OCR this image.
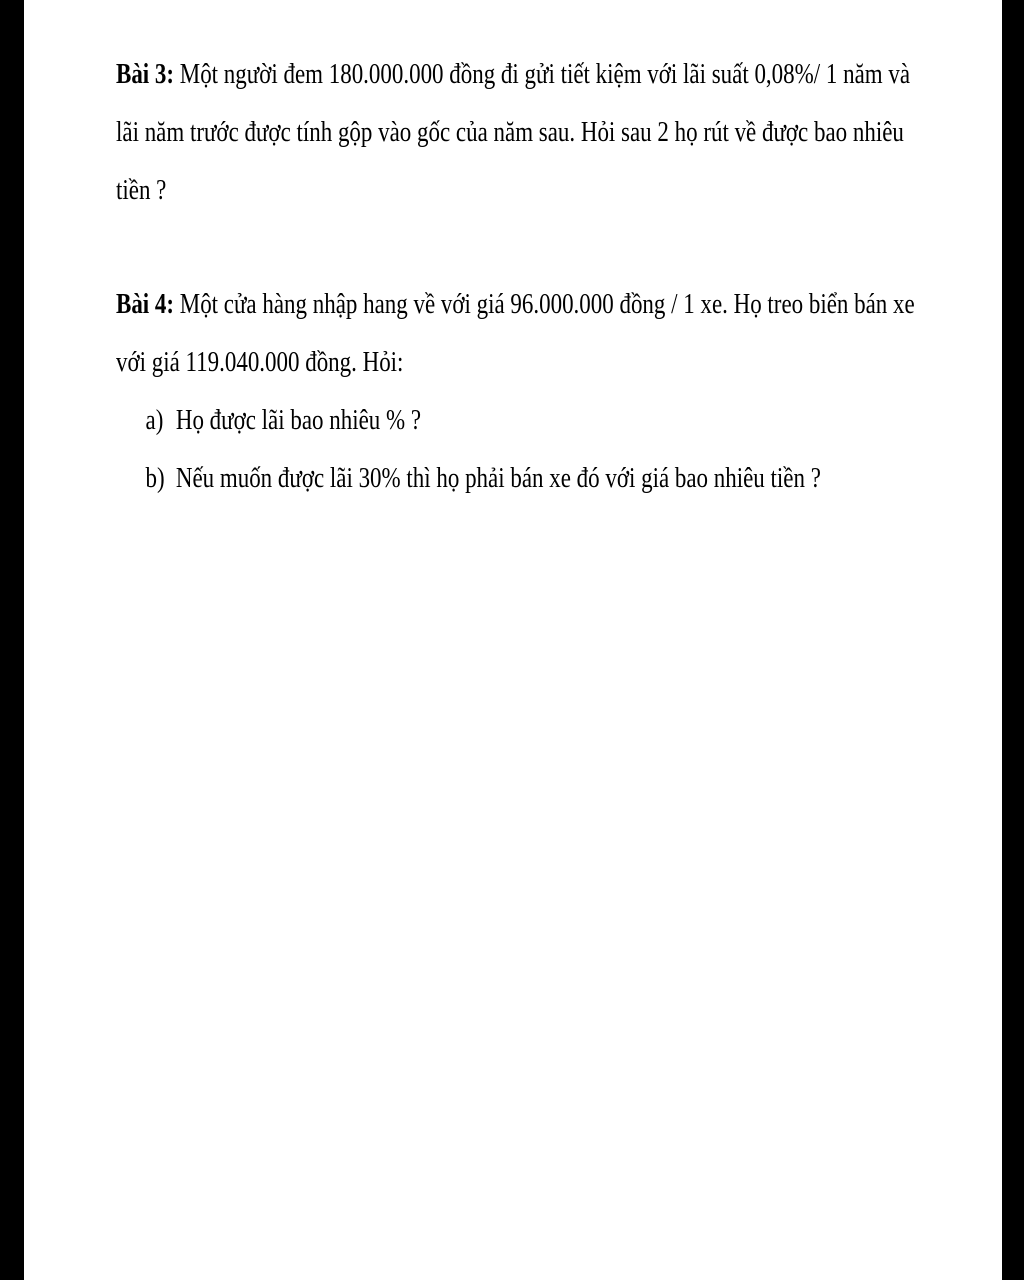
Bài 3: Một người đem 180.000.000 đồng đi gửi tiết kiệm với lãi suất 0,08%/ 1 năm và
lãi năm trước được tính gộp vào gốc của năm sau. Hỏi sau 2 họ rút về được bao nhiêu
tiền ?
Bài 4: Một cửa hàng nhập hang về với giá 96.000.000 đồng / 1 xe. Họ treo biển bán xe
với giá 119.040.000 đồng. Hỏi:
a) Họ được lãi bao nhiêu % ?
b) Nếu muốn được lãi 30% thì họ phải bán xe đó với giá bao nhiêu tiền ?
